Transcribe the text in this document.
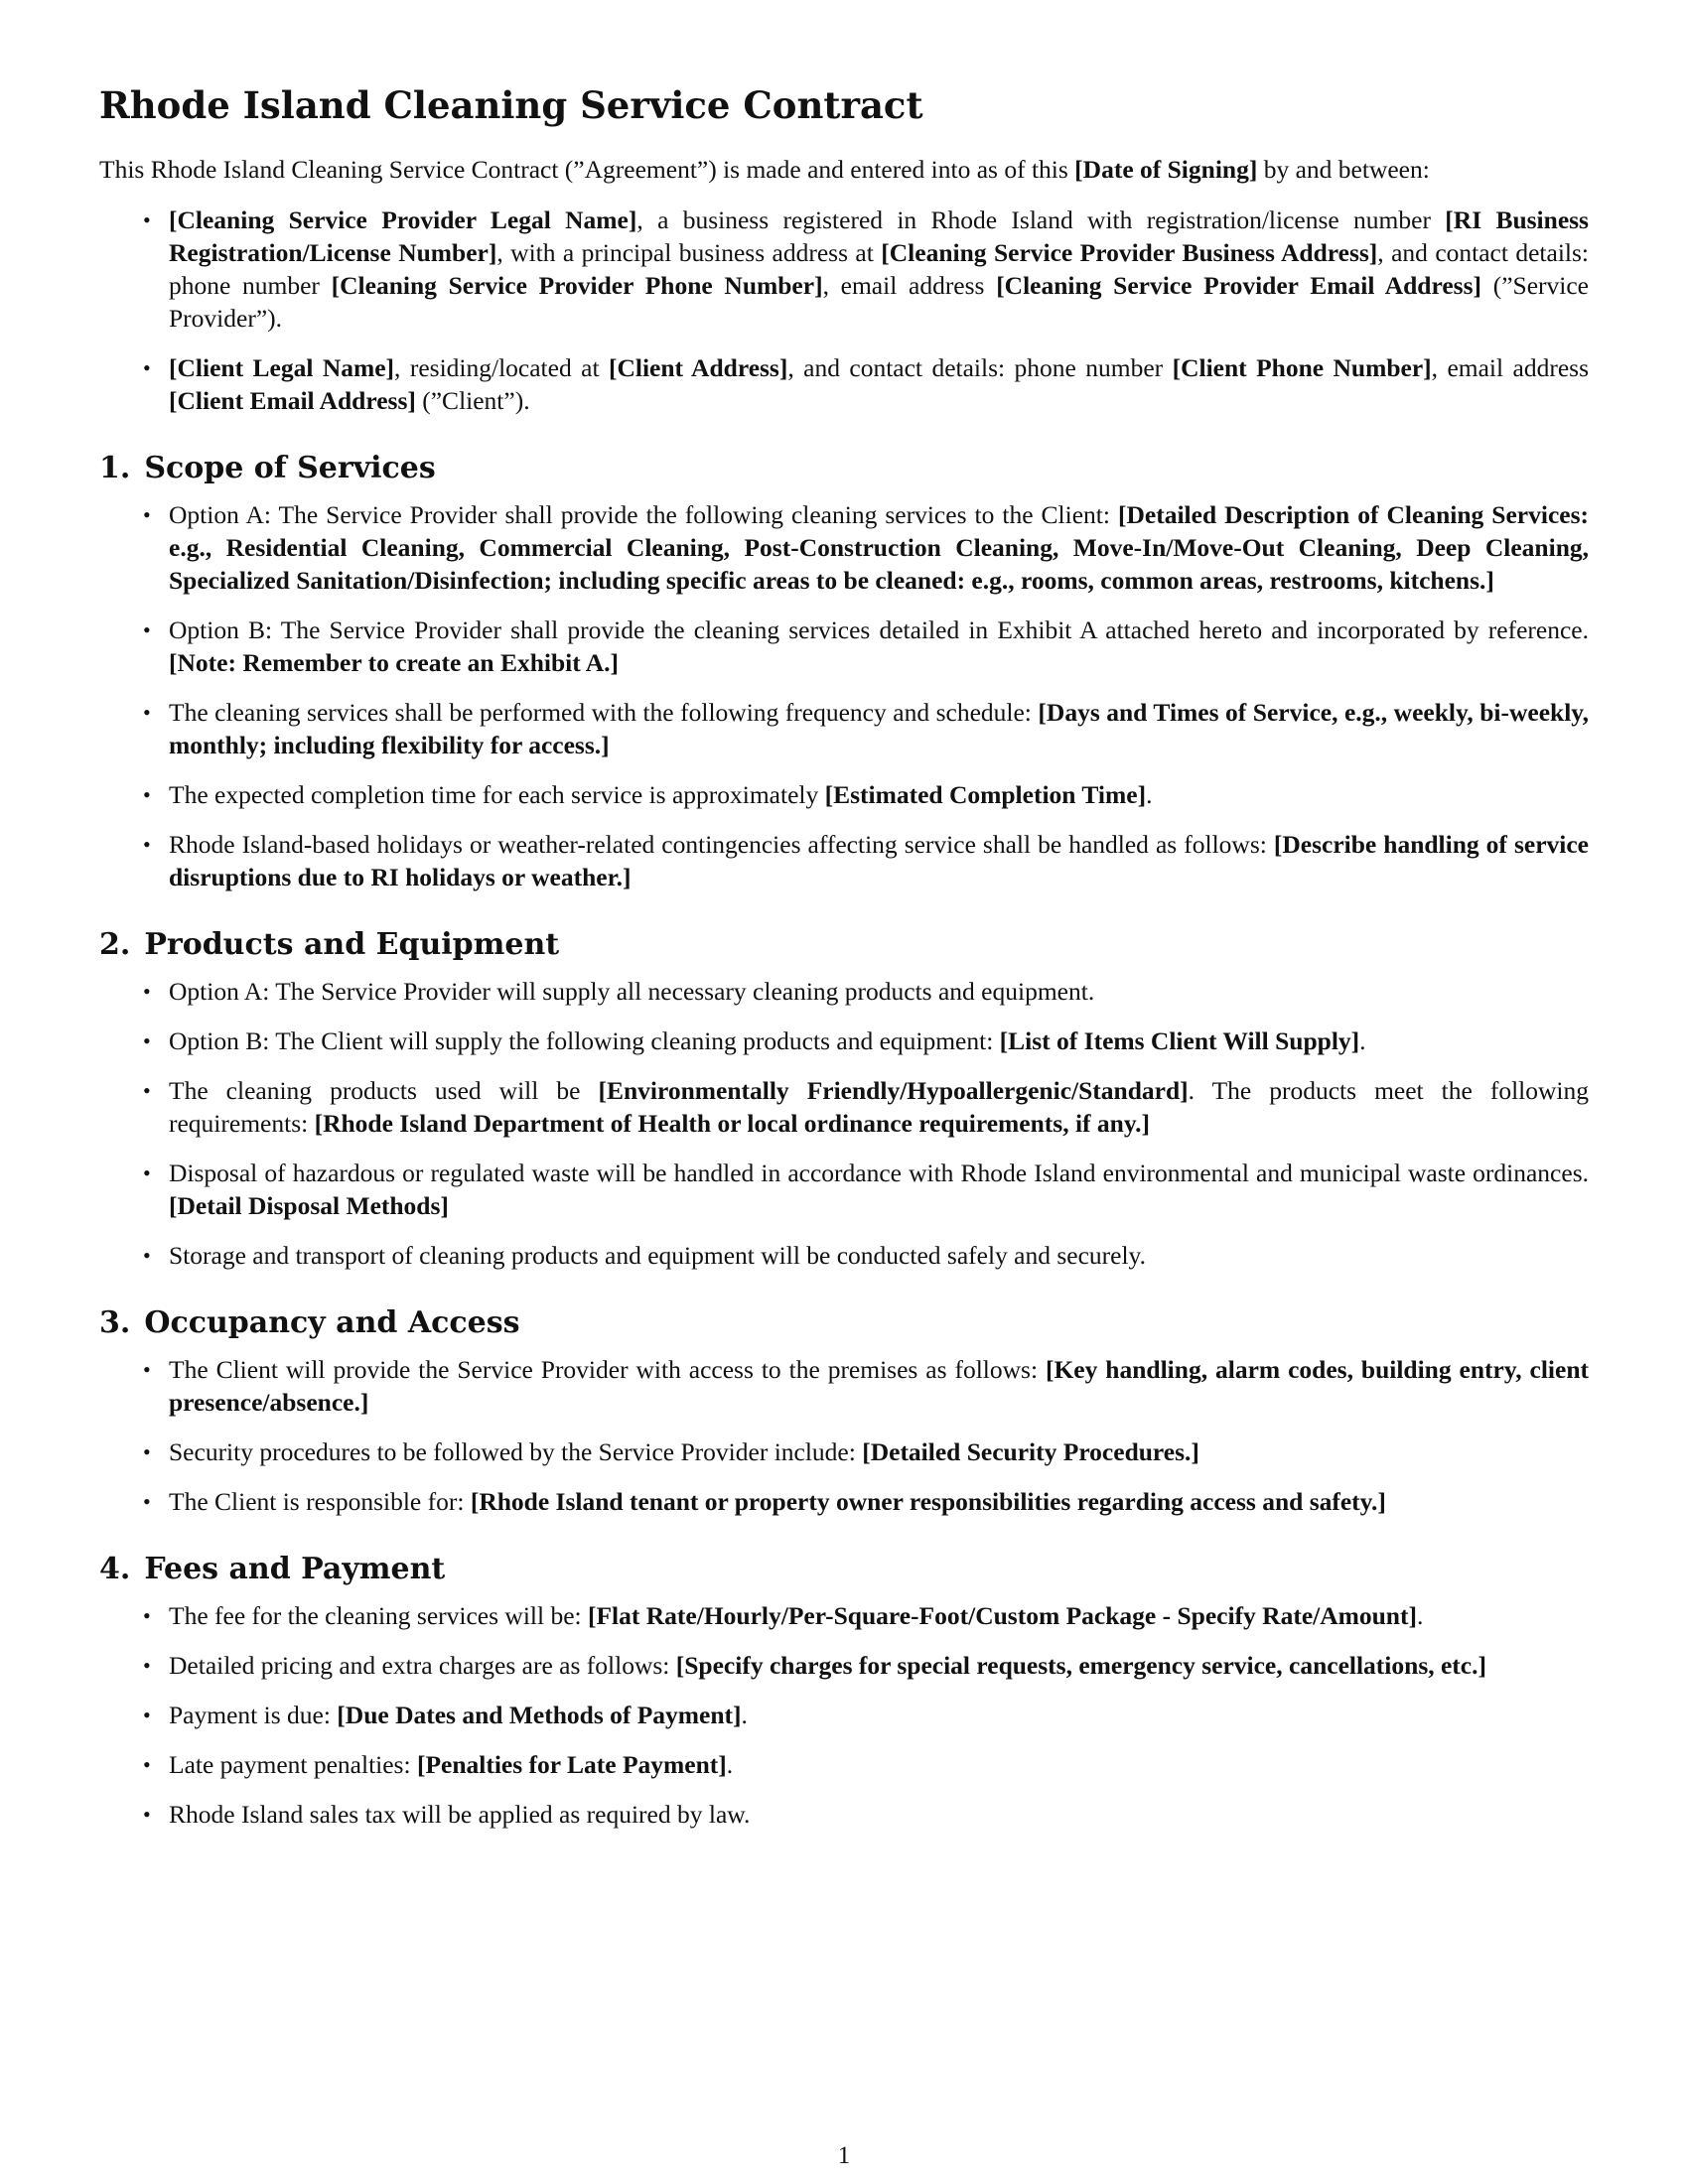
Rhode Island Cleaning Service Contract

This Rhode Island Cleaning Service Contract (”Agreement”) is made and entered into as of this [Date of Signing] by and between:

• [Cleaning Service Provider Legal Name], a business registered in Rhode Island with registration/license number [RI Business Registration/License Number], with a principal business address at [Cleaning Service Provider Business Address], and contact details: phone number [Cleaning Service Provider Phone Number], email address [Cleaning Service Provider Email Address] (”Service Provider”).
• [Client Legal Name], residing/located at [Client Address], and contact details: phone number [Client Phone Number], email address [Client Email Address] (”Client”).
1. Scope of Services
• Option A: The Service Provider shall provide the following cleaning services to the Client: [Detailed Description of Cleaning Services: e.g., Residential Cleaning, Commercial Cleaning, Post-Construction Cleaning, Move-In/Move-Out Cleaning, Deep Cleaning, Specialized Sanitation/Disinfection; including specific areas to be cleaned: e.g., rooms, common areas, restrooms, kitchens.]
• Option B: The Service Provider shall provide the cleaning services detailed in Exhibit A attached hereto and incorporated by reference. [Note: Remember to create an Exhibit A.]
• The cleaning services shall be performed with the following frequency and schedule: [Days and Times of Service, e.g., weekly, bi-weekly, monthly; including flexibility for access.]
• The expected completion time for each service is approximately [Estimated Completion Time].
• Rhode Island-based holidays or weather-related contingencies affecting service shall be handled as follows: [Describe handling of service disruptions due to RI holidays or weather.]
2. Products and Equipment
• Option A: The Service Provider will supply all necessary cleaning products and equipment.
• Option B: The Client will supply the following cleaning products and equipment: [List of Items Client Will Supply].
• The cleaning products used will be [Environmentally Friendly/Hypoallergenic/Standard]. The products meet the following requirements: [Rhode Island Department of Health or local ordinance requirements, if any.]
• Disposal of hazardous or regulated waste will be handled in accordance with Rhode Island environmental and municipal waste ordinances. [Detail Disposal Methods]
• Storage and transport of cleaning products and equipment will be conducted safely and securely.
3. Occupancy and Access
• The Client will provide the Service Provider with access to the premises as follows: [Key handling, alarm codes, building entry, client presence/absence.]
• Security procedures to be followed by the Service Provider include: [Detailed Security Procedures.]
• The Client is responsible for: [Rhode Island tenant or property owner responsibilities regarding access and safety.]
4. Fees and Payment
• The fee for the cleaning services will be: [Flat Rate/Hourly/Per-Square-Foot/Custom Package - Specify Rate/Amount].
• Detailed pricing and extra charges are as follows: [Specify charges for special requests, emergency service, cancellations, etc.]
• Payment is due: [Due Dates and Methods of Payment].
• Late payment penalties: [Penalties for Late Payment].
• Rhode Island sales tax will be applied as required by law.
1
